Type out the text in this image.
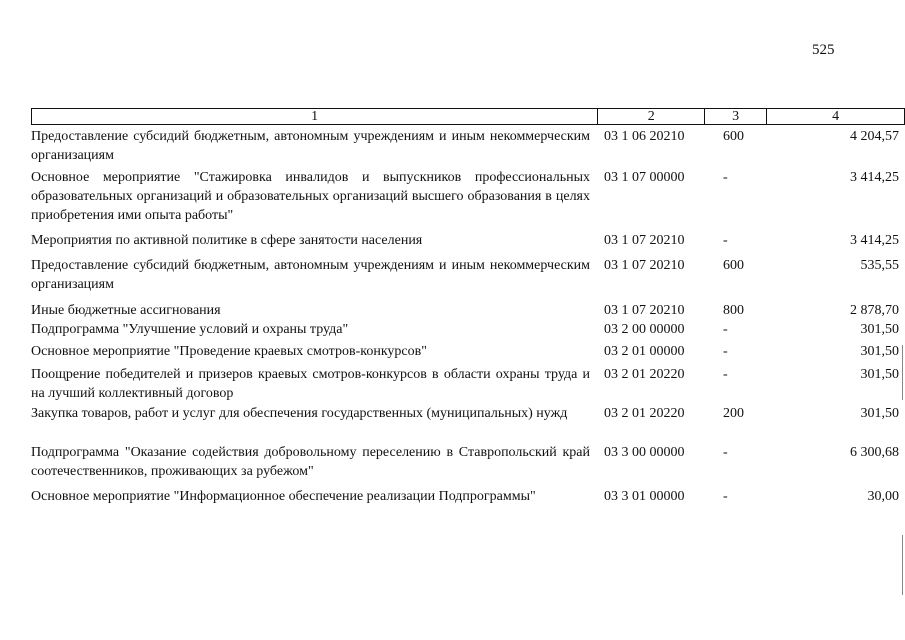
525
1	2	3	4
Предоставление субсидий бюджетным, автономным учреждениям и иным некоммерческим организациям	03 1 06 20210	600	4 204,57
Основное мероприятие "Стажировка инвалидов и выпускников профессиональных образовательных организаций и образовательных организаций высшего образования в целях приобретения ими опыта работы"	03 1 07 00000	-	3 414,25
Мероприятия по активной политике в сфере занятости населения	03 1 07 20210	-	3 414,25
Предоставление субсидий бюджетным, автономным учреждениям и иным некоммерческим организациям	03 1 07 20210	600	535,55
Иные бюджетные ассигнования	03 1 07 20210	800	2 878,70
Подпрограмма "Улучшение условий и охраны труда"	03 2 00 00000	-	301,50
Основное мероприятие "Проведение краевых смотров-конкурсов"	03 2 01 00000	-	301,50
Поощрение победителей и призеров краевых смотров-конкурсов в области охраны труда и на лучший коллективный договор	03 2 01 20220	-	301,50
Закупка товаров, работ и услуг для обеспечения государственных (муниципальных) нужд	03 2 01 20220	200	301,50
Подпрограмма "Оказание содействия добровольному переселению в Ставропольский край соотечественников, проживающих за рубежом"	03 3 00 00000	-	6 300,68
Основное мероприятие "Информационное обеспечение реализации Подпрограммы"	03 3 01 00000	-	30,00
